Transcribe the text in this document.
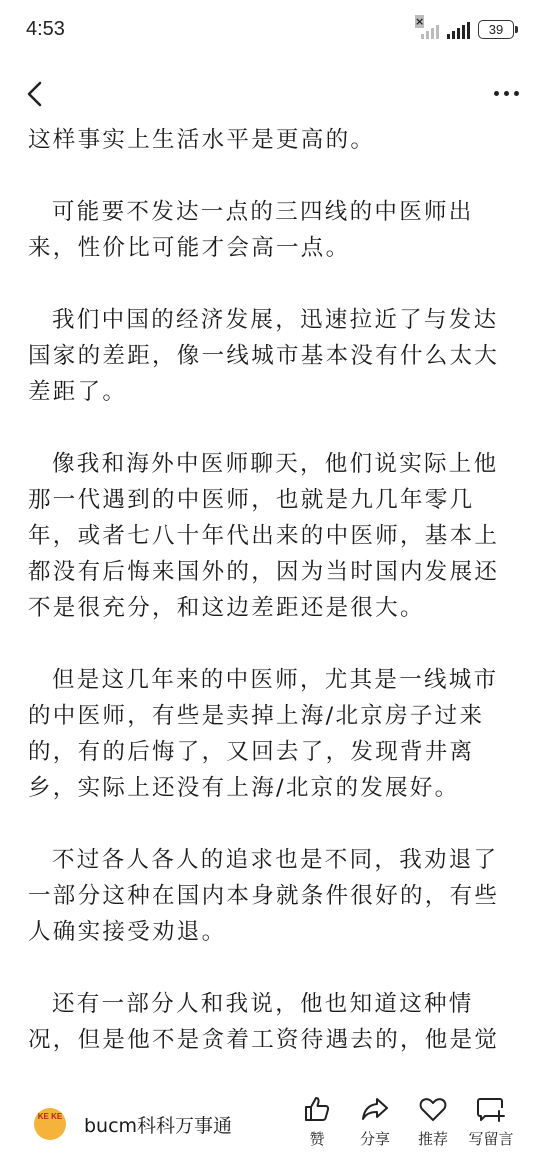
4:53	×
39

这样事实上生活水平是更高的。

可能要不发达一点的三四线的中医师出来，性价比可能才会高一点。

我们中国的经济发展，迅速拉近了与发达国家的差距，像一线城市基本没有什么太大差距了。

像我和海外中医师聊天，他们说实际上他那一代遇到的中医师，也就是九几年零几年，或者七八十年代出来的中医师，基本上都没有后悔来国外的，因为当时国内发展还不是很充分，和这边差距还是很大。

但是这几年来的中医师，尤其是一线城市的中医师，有些是卖掉上海/北京房子过来的，有的后悔了，又回去了，发现背井离乡，实际上还没有上海/北京的发展好。

不过各人各人的追求也是不同，我劝退了一部分这种在国内本身就条件很好的，有些人确实接受劝退。

还有一部分人和我说，他也知道这种情况，但是他不是贪着工资待遇去的，他是觉

KE KE bucm科科万事通
赞 分享 推荐 写留言
